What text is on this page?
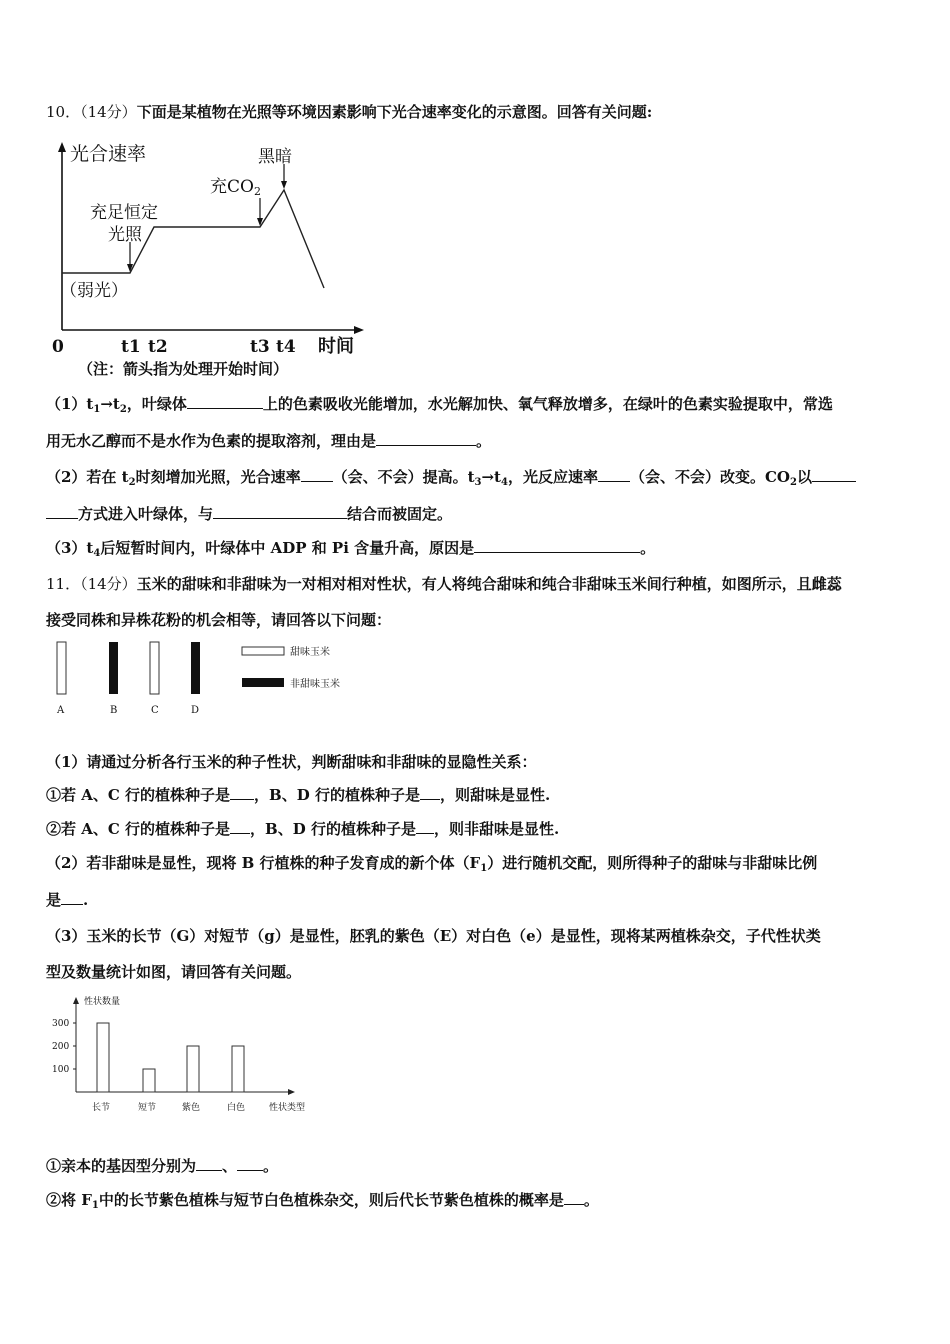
10．（14分）下面是某植物在光照等环境因素影响下光合速率变化的示意图。回答有关问题:
光合速率
时间
0	t1 t2	t3 t4
（弱光）
充足恒定
光照
充CO2
黑暗
（注：箭头指为处理开始时间）
$(1)t_1\to t_2$，叶绿体	上的色素吸收光能增加，水光解加快、氧气释放增多，在绿叶的色素实验提取中，常选
用无水乙醇而不是水作为色素的提取溶剂，理由是	。
（2）若在 $t_2$时刻增加光照，光合速率 （会、不会）提高。$t_3\to t_4$，光反应速率 （会、不会）改变。$CO_2$以
方式进入叶绿体，与	结合而被固定。
$(3)t_4$后短暂时间内，叶绿体中 ADP 和 Pi 含量升高，原因是	。
11．（14分）玉米的甜味和非甜味为一对相对相对性状，有人将纯合甜味和纯合非甜味玉米间行种植，如图所示，且雌蕊
接受同株和异株花粉的机会相等，请回答以下问题：
A	B	C	D
甜味玉米
非甜味玉米
（1）请通过分析各行玉米的种子性状，判断甜味和非甜味的显隐性关系：
①若 A、C 行的植株种子是 ，B、D 行的植株种子是 ，则甜味是显性.
②若 A、C 行的植株种子是 ，B、D 行的植株种子是 ，则非甜味是显性.
（2）若非甜味是显性，现将 B 行植株的种子发育成的新个体$(F_1)$进行随机交配，则所得种子的甜味与非甜味比例
是 .
（3）玉米的长节（G）对短节（g）是显性，胚乳的紫色（E）对白色（e）是显性，现将某两植株杂交，子代性状类
型及数量统计如图，请回答有关问题。
性状数量
性状类型
100
200
300
长节	短节	紫色	白色
①亲本的基因型分别为 、 。
②将 $F_1$中的长节紫色植株与短节白色植株杂交，则后代长节紫色植株的概率是 。
